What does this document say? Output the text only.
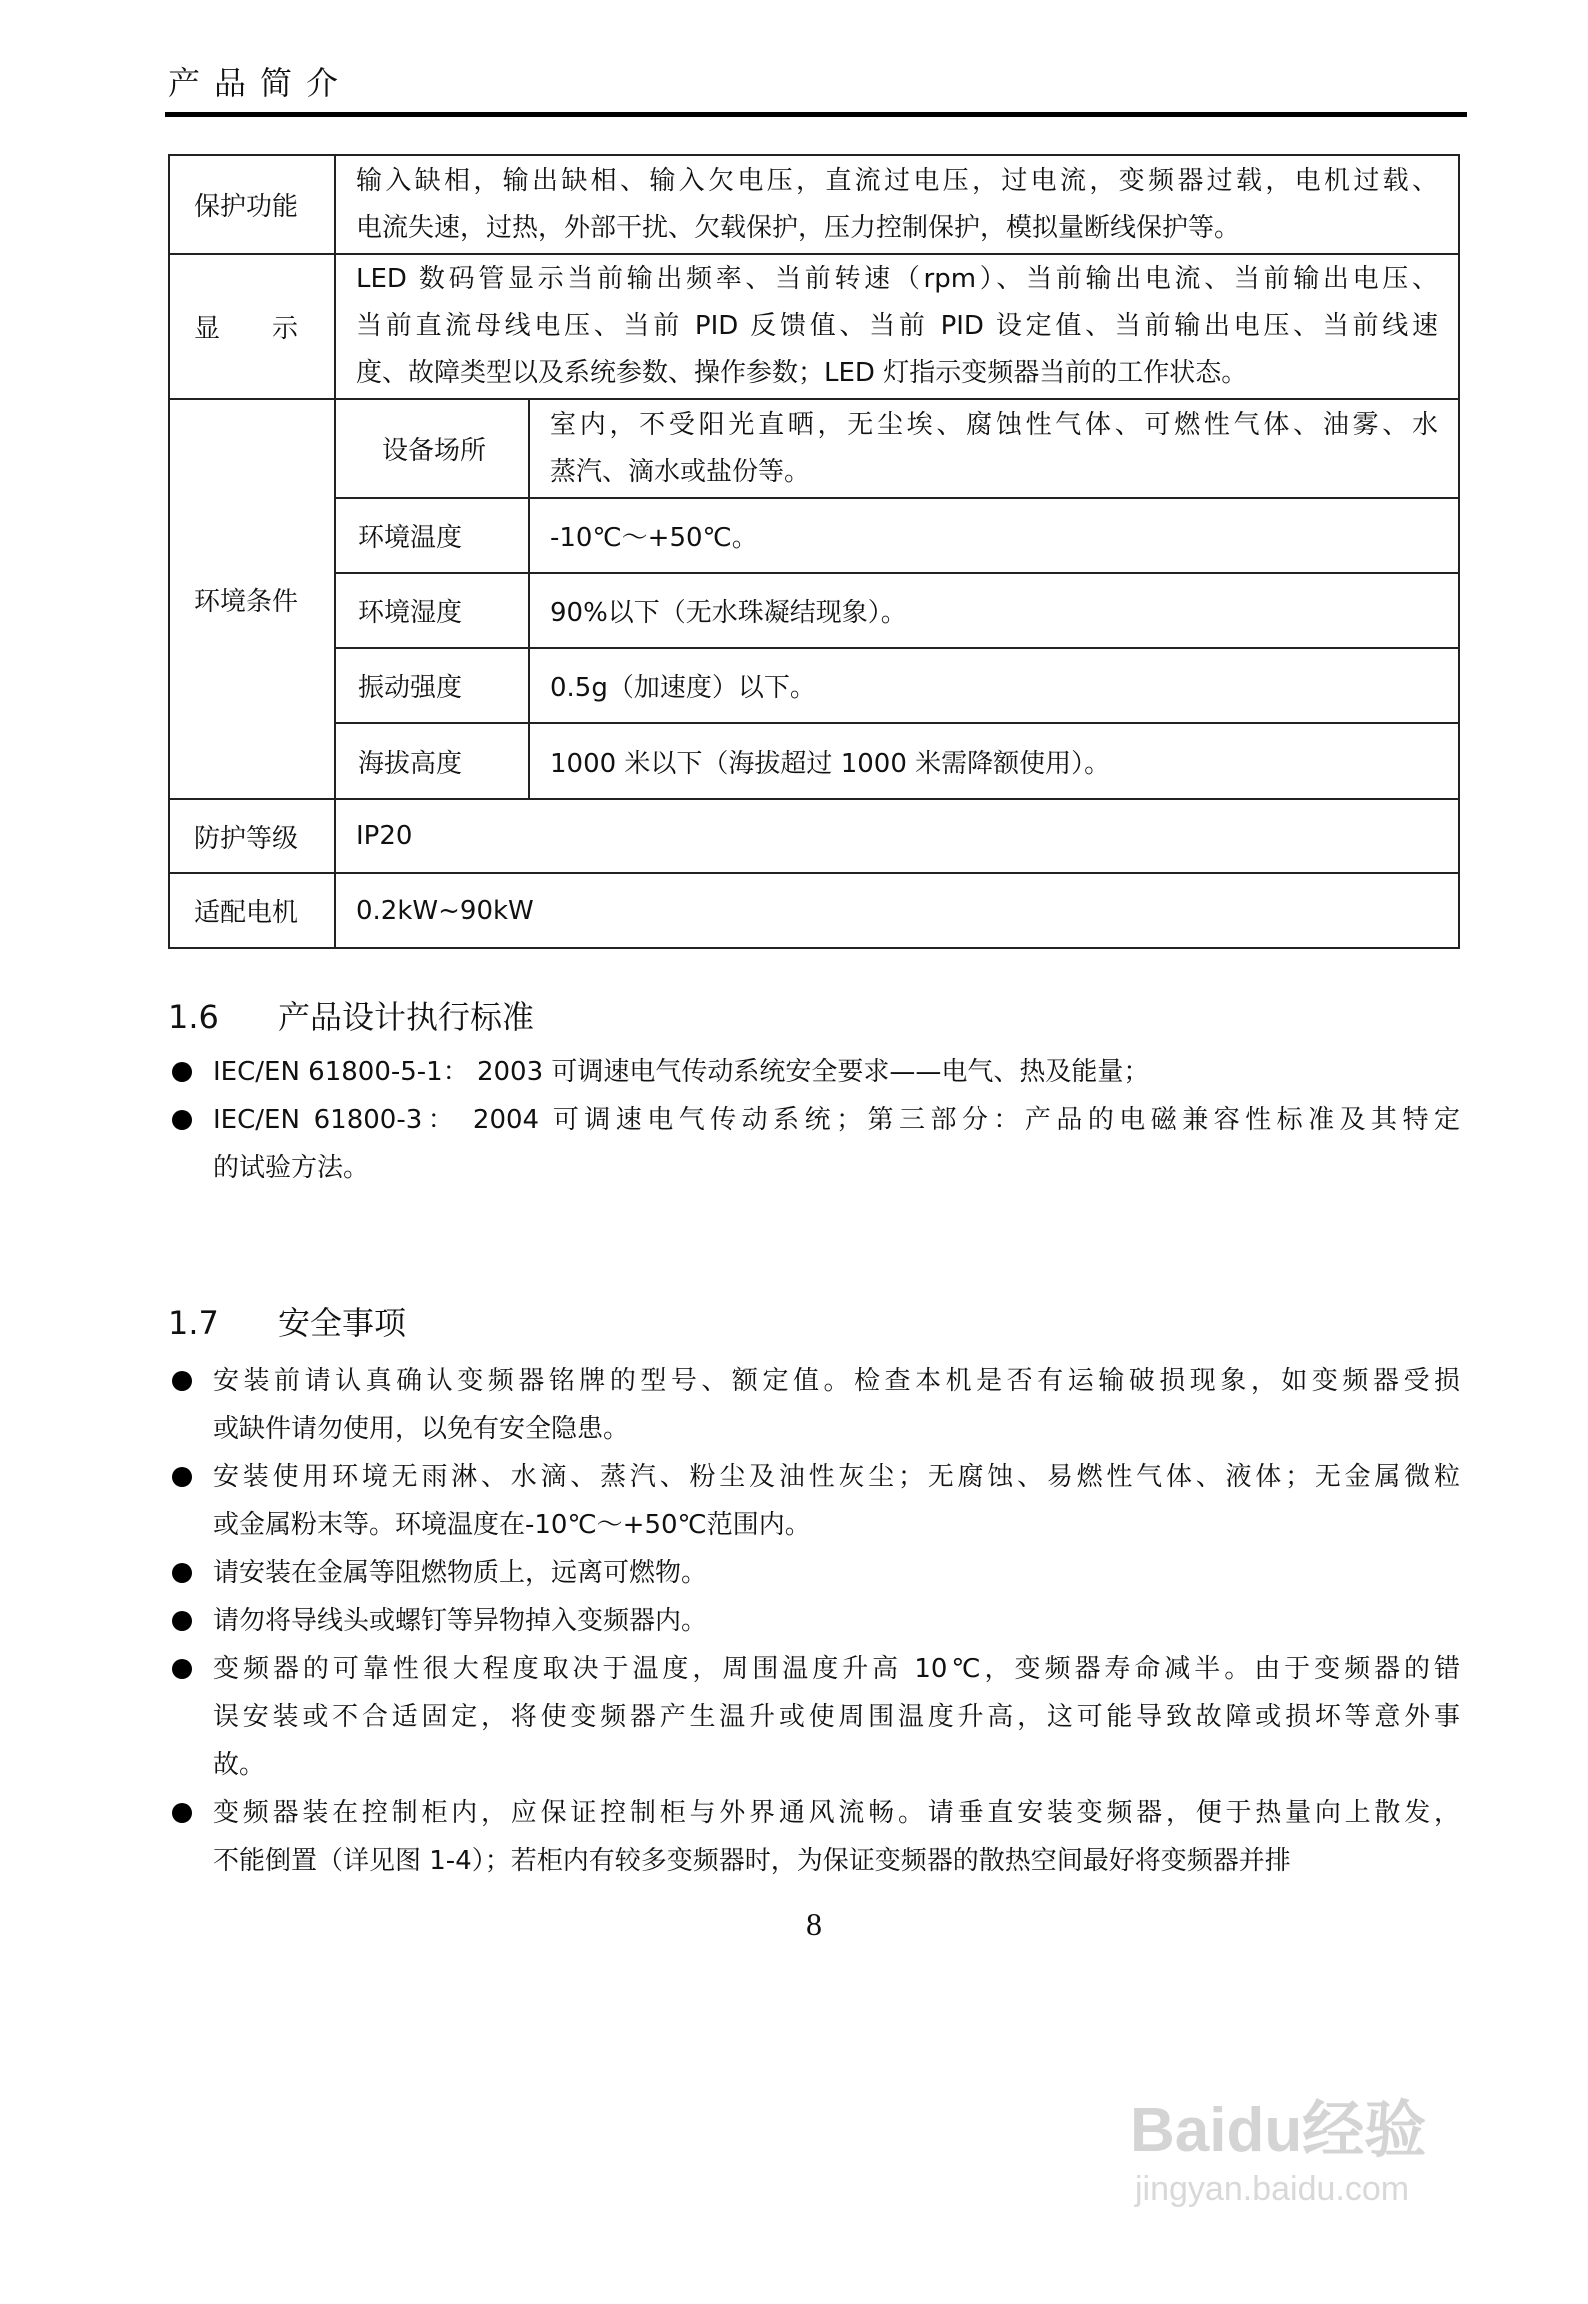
产品简介
保护功能	输入缺相，输出缺相、输入欠电压，直流过电压，过电流，变频器过载，电机过载、
电流失速，过热，外部干扰、欠载保护，压力控制保护，模拟量断线保护等。	

显　　示	LED 数码管显示当前输出频率、当前转速（rpm）、当前输出电流、当前输出电压、
当前直流母线电压、当前 PID 反馈值、当前 PID 设定值、当前输出电压、当前线速
度、故障类型以及系统参数、操作参数；LED 灯指示变频器当前的工作状态。	

环境条件	设备场所	室内，不受阳光直晒，无尘埃、腐蚀性气体、可燃性气体、油雾、水
蒸汽、滴水或盐份等。

	环境温度	-10℃～+50℃。
	环境湿度	90%以下（无水珠凝结现象）。
	振动强度	0.5g（加速度）以下。
	海拔高度	1000 米以下（海拔超过 1000 米需降额使用）。
防护等级	IP20	
适配电机	0.2kW~90kW	
1.6 产品设计执行标准
IEC/EN 61800-5-1： 2003 可调速电气传动系统安全要求——电气、热及能量；
IEC/EN 61800-3： 2004 可调速电气传动系统；第三部分：产品的电磁兼容性标准及其特定
的试验方法。
1.7 安全事项
安装前请认真确认变频器铭牌的型号、额定值。检查本机是否有运输破损现象，如变频器受损
或缺件请勿使用，以免有安全隐患。
安装使用环境无雨淋、水滴、蒸汽、粉尘及油性灰尘；无腐蚀、易燃性气体、液体；无金属微粒
或金属粉末等。环境温度在-10℃～+50℃范围内。
请安装在金属等阻燃物质上，远离可燃物。
请勿将导线头或螺钉等异物掉入变频器内。
变频器的可靠性很大程度取决于温度，周围温度升高 10℃，变频器寿命减半。由于变频器的错
误安装或不合适固定，将使变频器产生温升或使周围温度升高，这可能导致故障或损坏等意外事
故。
变频器装在控制柜内，应保证控制柜与外界通风流畅。请垂直安装变频器，便于热量向上散发，
不能倒置（详见图 1-4）；若柜内有较多变频器时，为保证变频器的散热空间最好将变频器并排
8
Baidu经验
jingyan.baidu.com
